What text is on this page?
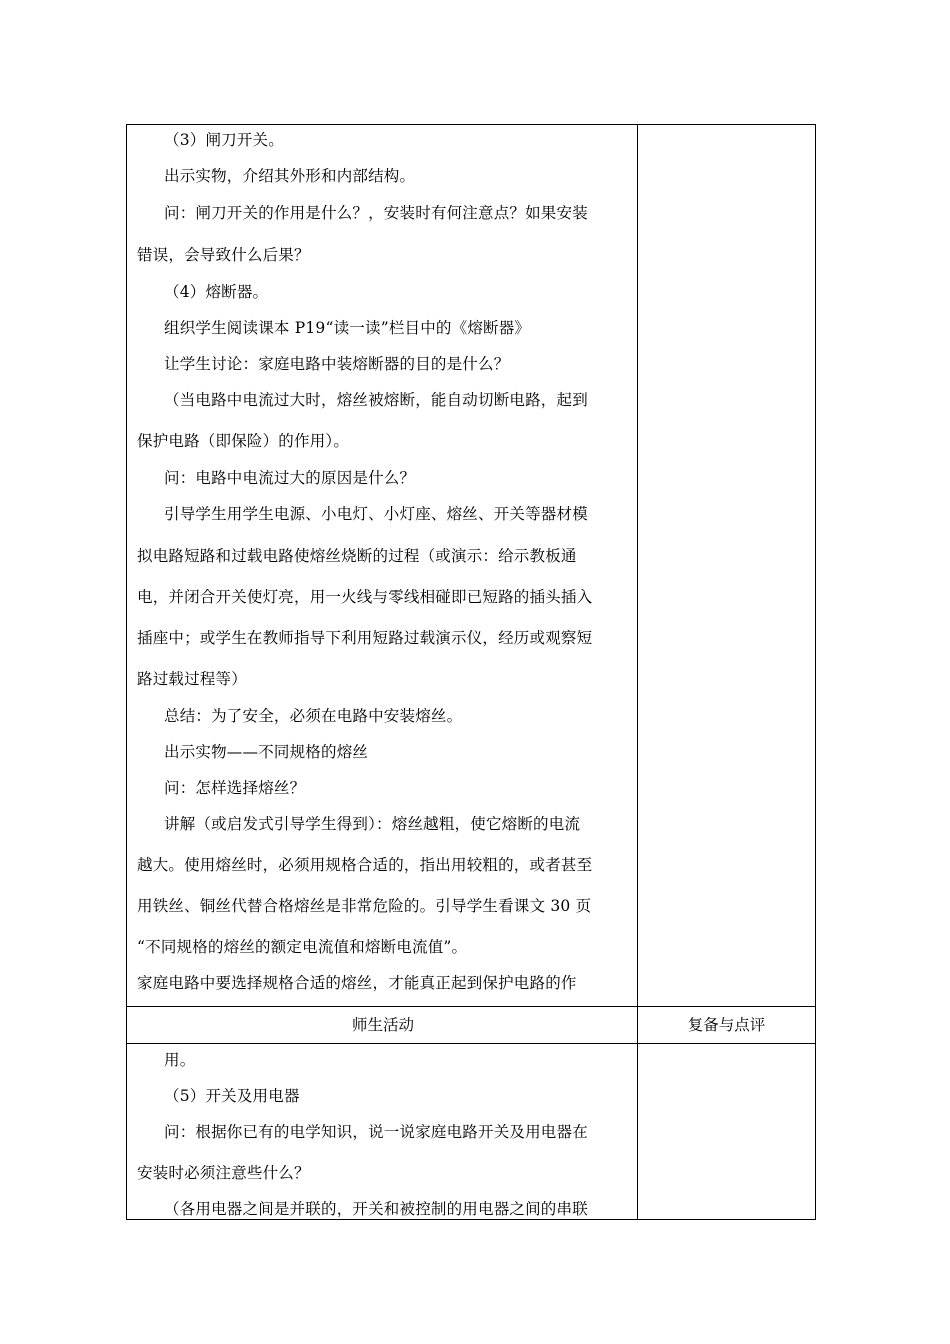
（3）闸刀开关。
出示实物，介绍其外形和内部结构。
问：闸刀开关的作用是什么？，安装时有何注意点？如果安装
错误，会导致什么后果？
（4）熔断器。
组织学生阅读课本 P19“读一读”栏目中的《熔断器》
让学生讨论：家庭电路中装熔断器的目的是什么？
（当电路中电流过大时，熔丝被熔断，能自动切断电路，起到
保护电路（即保险）的作用）。
问：电路中电流过大的原因是什么？
引导学生用学生电源、小电灯、小灯座、熔丝、开关等器材模
拟电路短路和过载电路使熔丝烧断的过程（或演示：给示教板通
电，并闭合开关使灯亮，用一火线与零线相碰即已短路的插头插入
插座中；或学生在教师指导下利用短路过载演示仪，经历或观察短
路过载过程等）
总结：为了安全，必须在电路中安装熔丝。
出示实物——不同规格的熔丝
问：怎样选择熔丝？
讲解（或启发式引导学生得到）：熔丝越粗，使它熔断的电流
越大。使用熔丝时，必须用规格合适的，指出用较粗的，或者甚至
用铁丝、铜丝代替合格熔丝是非常危险的。引导学生看课文 30 页
“不同规格的熔丝的额定电流值和熔断电流值”。
家庭电路中要选择规格合适的熔丝，才能真正起到保护电路的作
师生活动	复备与点评
用。
（5）开关及用电器
问：根据你已有的电学知识，说一说家庭电路开关及用电器在
安装时必须注意些什么？
（各用电器之间是并联的，开关和被控制的用电器之间的串联
